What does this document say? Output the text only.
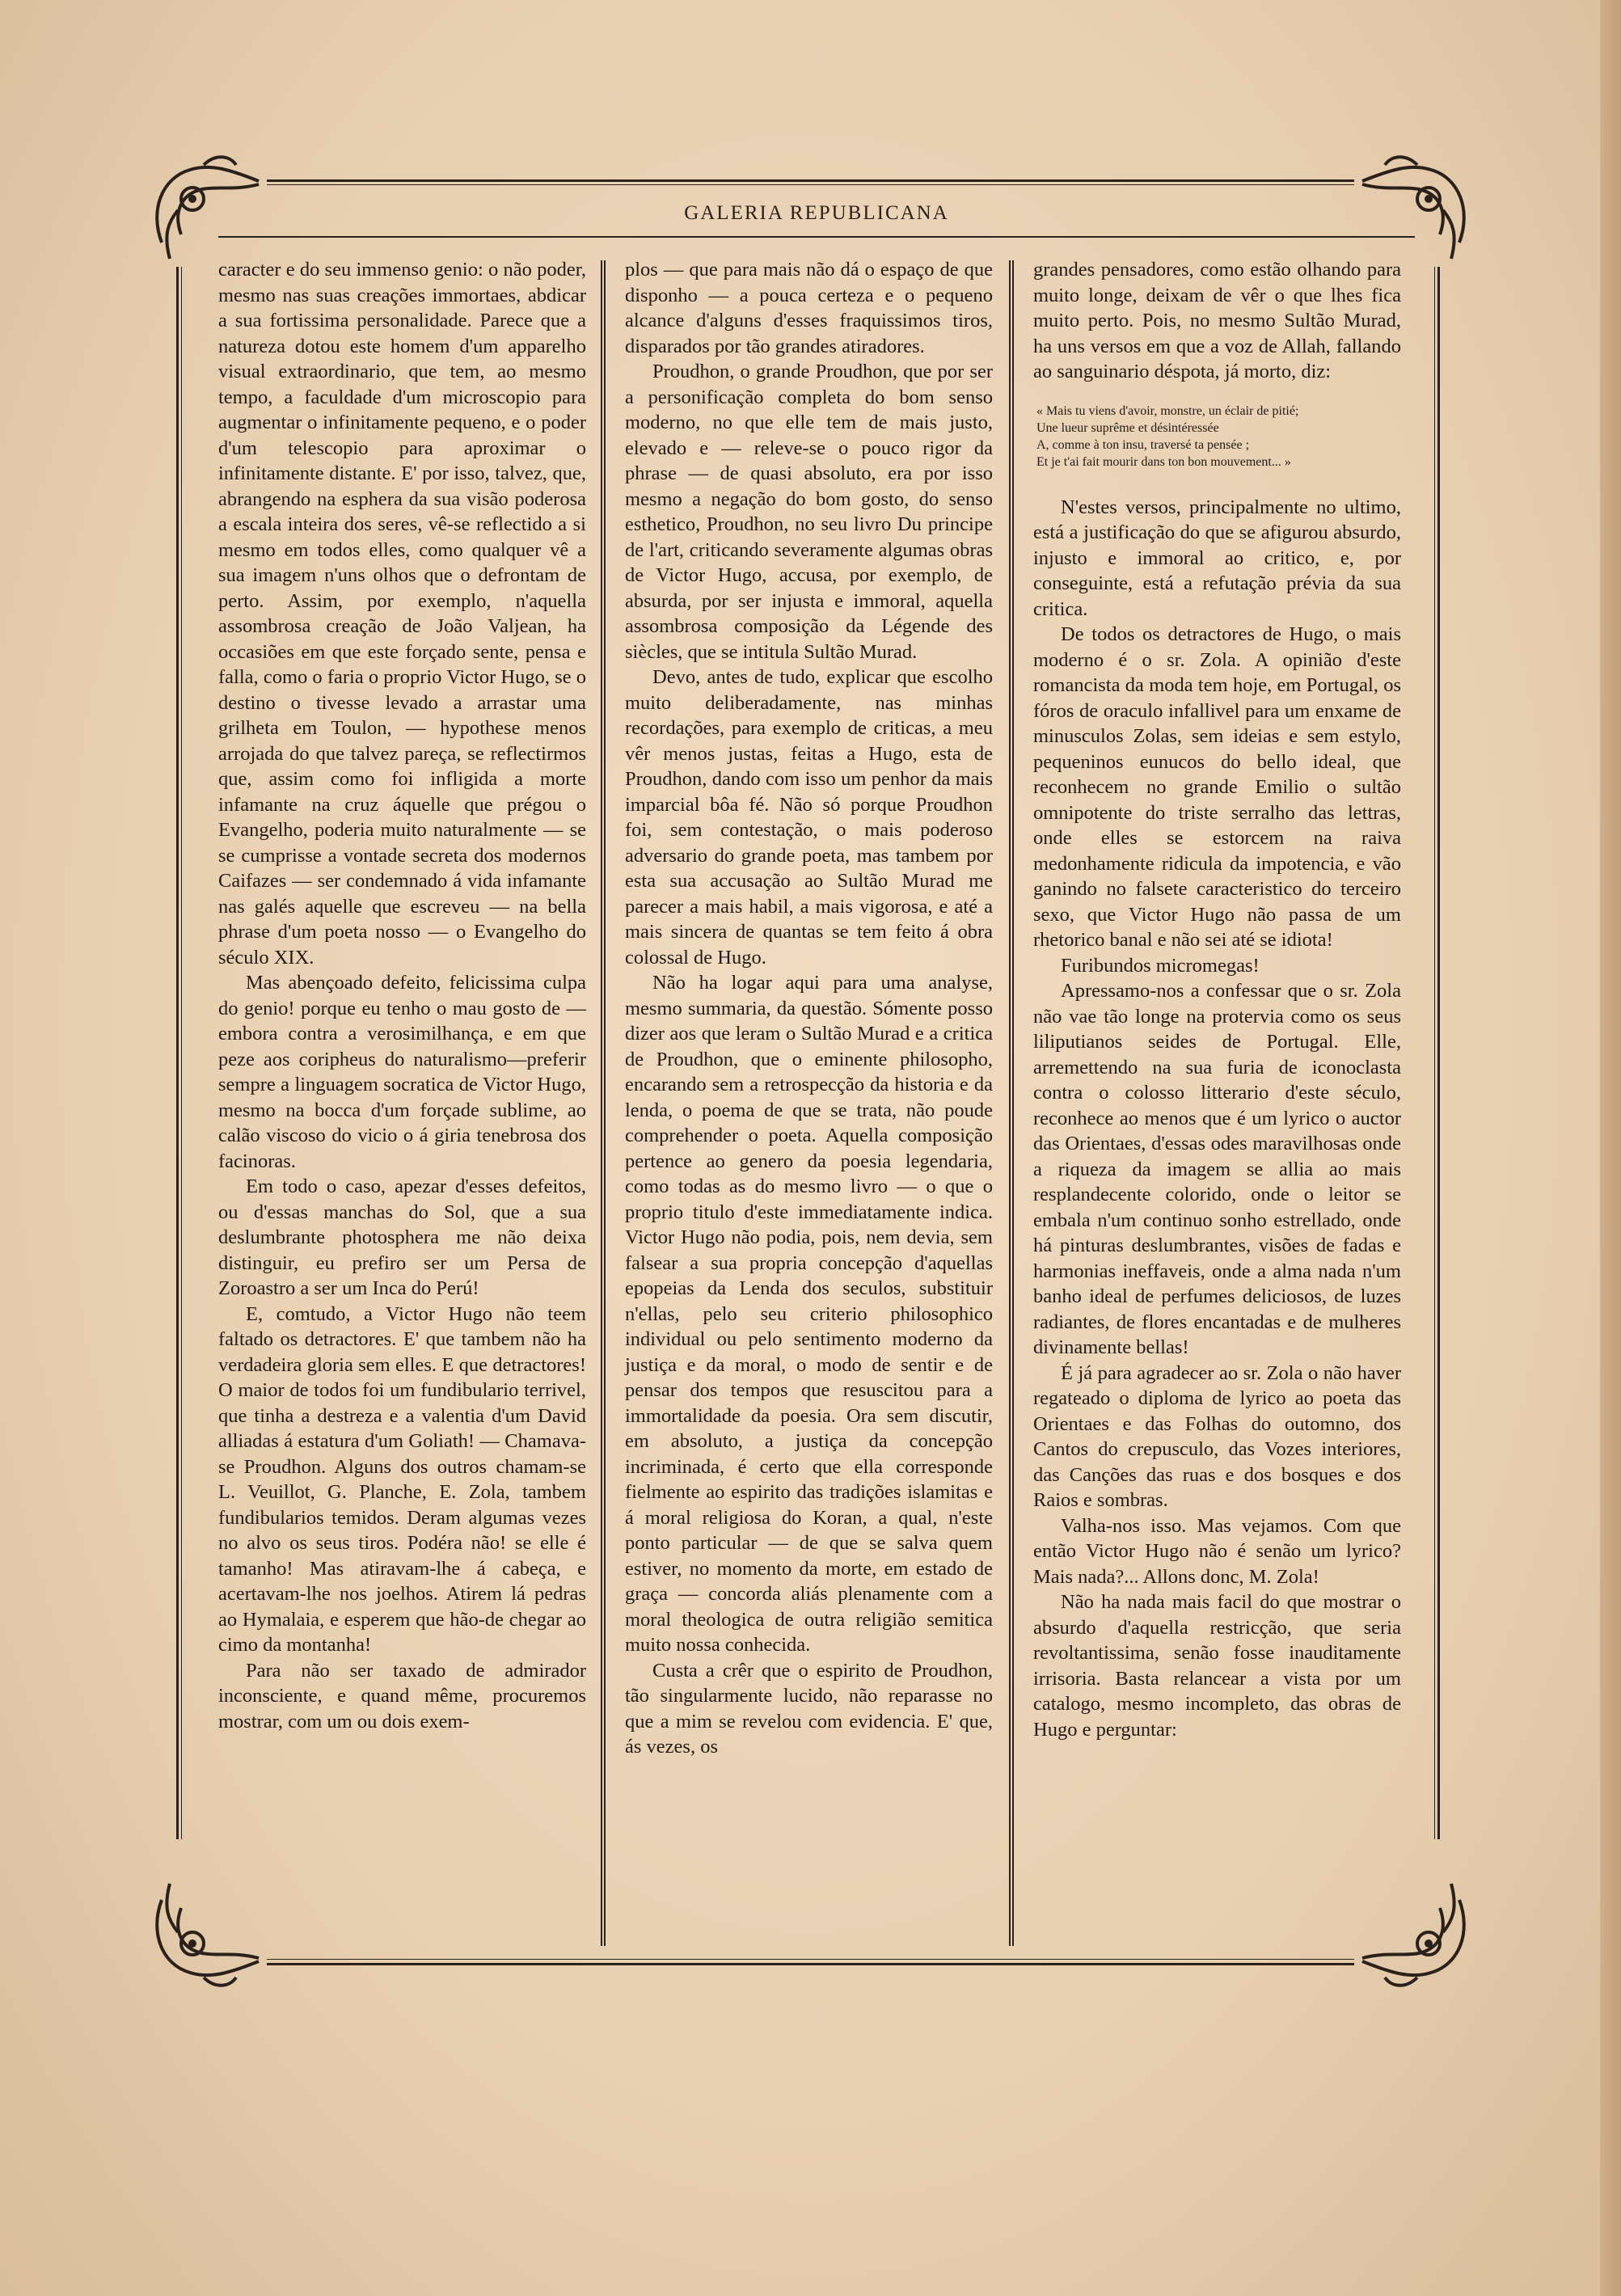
GALERIA REPUBLICANA

caracter e do seu immenso genio: o não poder, mesmo nas suas creações immortaes, abdicar a sua fortissima personalidade. Parece que a natureza dotou este homem d'um apparelho visual extraordinario, que tem, ao mesmo tempo, a faculdade d'um microscopio para augmentar o infinitamente pequeno, e o poder d'um telescopio para aproximar o infinitamente distante. E' por isso, talvez, que, abrangendo na esphera da sua visão poderosa a escala inteira dos seres, vê-se reflectido a si mesmo em todos elles, como qualquer vê a sua imagem n'uns olhos que o defrontam de perto. Assim, por exemplo, n'aquella assombrosa creação de João Valjean, ha occasiões em que este forçado sente, pensa e falla, como o faria o proprio Victor Hugo, se o destino o tivesse levado a arrastar uma grilheta em Toulon, — hypothese menos arrojada do que talvez pareça, se reflectirmos que, assim como foi infligida a morte infamante na cruz áquelle que prégou o Evangelho, poderia muito naturalmente — se se cumprisse a vontade secreta dos modernos Caifazes — ser condemnado á vida infamante nas galés aquelle que escreveu — na bella phrase d'um poeta nosso — o Evangelho do século XIX.

Mas abençoado defeito, felicissima culpa do genio! porque eu tenho o mau gosto de — embora contra a verosimilhança, e em que peze aos coripheus do naturalismo—preferir sempre a linguagem socratica de Victor Hugo, mesmo na bocca d'um forçade sublime, ao calão viscoso do vicio o á giria tenebrosa dos facinoras.

Em todo o caso, apezar d'esses defeitos, ou d'essas manchas do Sol, que a sua deslumbrante photosphera me não deixa distinguir, eu prefiro ser um Persa de Zoroastro a ser um Inca do Perú!

E, comtudo, a Victor Hugo não teem faltado os detractores. E' que tambem não ha verdadeira gloria sem elles. E que detractores! O maior de todos foi um fundibulario terrivel, que tinha a destreza e a valentia d'um David alliadas á estatura d'um Goliath! — Chamava-se Proudhon. Alguns dos outros chamam-se L. Veuillot, G. Planche, E. Zola, tambem fundibularios temidos. Deram algumas vezes no alvo os seus tiros. Podéra não! se elle é tamanho! Mas atiravam-lhe á cabeça, e acertavam-lhe nos joelhos. Atirem lá pedras ao Hymalaia, e esperem que hão-de chegar ao cimo da montanha!

Para não ser taxado de admirador inconsciente, e quand même, procuremos mostrar, com um ou dois exem-

plos — que para mais não dá o espaço de que disponho — a pouca certeza e o pequeno alcance d'alguns d'esses fraquissimos tiros, disparados por tão grandes atiradores.

Proudhon, o grande Proudhon, que por ser a personificação completa do bom senso moderno, no que elle tem de mais justo, elevado e — releve-se o pouco rigor da phrase — de quasi absoluto, era por isso mesmo a negação do bom gosto, do senso esthetico, Proudhon, no seu livro Du principe de l'art, criticando severamente algumas obras de Victor Hugo, accusa, por exemplo, de absurda, por ser injusta e immoral, aquella assombrosa composição da Légende des siècles, que se intitula Sultão Murad.

Devo, antes de tudo, explicar que escolho muito deliberadamente, nas minhas recordações, para exemplo de criticas, a meu vêr menos justas, feitas a Hugo, esta de Proudhon, dando com isso um penhor da mais imparcial bôa fé. Não só porque Proudhon foi, sem contestação, o mais poderoso adversario do grande poeta, mas tambem por esta sua accusação ao Sultão Murad me parecer a mais habil, a mais vigorosa, e até a mais sincera de quantas se tem feito á obra colossal de Hugo.

Não ha logar aqui para uma analyse, mesmo summaria, da questão. Sómente posso dizer aos que leram o Sultão Murad e a critica de Proudhon, que o eminente philosopho, encarando sem a retrospecção da historia e da lenda, o poema de que se trata, não poude comprehender o poeta. Aquella composição pertence ao genero da poesia legendaria, como todas as do mesmo livro — o que o proprio titulo d'este immediatamente indica. Victor Hugo não podia, pois, nem devia, sem falsear a sua propria concepção d'aquellas epopeias da Lenda dos seculos, substituir n'ellas, pelo seu criterio philosophico individual ou pelo sentimento moderno da justiça e da moral, o modo de sentir e de pensar dos tempos que resuscitou para a immortalidade da poesia. Ora sem discutir, em absoluto, a justiça da concepção incriminada, é certo que ella corresponde fielmente ao espirito das tradições islamitas e á moral religiosa do Koran, a qual, n'este ponto particular — de que se salva quem estiver, no momento da morte, em estado de graça — concorda aliás plenamente com a moral theologica de outra religião semitica muito nossa conhecida.

Custa a crêr que o espirito de Proudhon, tão singularmente lucido, não reparasse no que a mim se revelou com evidencia. E' que, ás vezes, os

grandes pensadores, como estão olhando para muito longe, deixam de vêr o que lhes fica muito perto. Pois, no mesmo Sultão Murad, ha uns versos em que a voz de Allah, fallando ao sanguinario déspota, já morto, diz:

« Mais tu viens d'avoir, monstre, un éclair de pitié;
Une lueur suprême et désintéressée
A, comme à ton insu, traversé ta pensée ;
Et je t'ai fait mourir dans ton bon mouvement... »

N'estes versos, principalmente no ultimo, está a justificação do que se afigurou absurdo, injusto e immoral ao critico, e, por conseguinte, está a refutação prévia da sua critica.

De todos os detractores de Hugo, o mais moderno é o sr. Zola. A opinião d'este romancista da moda tem hoje, em Portugal, os fóros de oraculo infallivel para um enxame de minusculos Zolas, sem ideias e sem estylo, pequeninos eunucos do bello ideal, que reconhecem no grande Emilio o sultão omnipotente do triste serralho das lettras, onde elles se estorcem na raiva medonhamente ridicula da impotencia, e vão ganindo no falsete caracteristico do terceiro sexo, que Victor Hugo não passa de um rhetorico banal e não sei até se idiota!

Furibundos micromegas!

Apressamo-nos a confessar que o sr. Zola não vae tão longe na protervia como os seus liliputianos seides de Portugal. Elle, arremettendo na sua furia de iconoclasta contra o colosso litterario d'este século, reconhece ao menos que é um lyrico o auctor das Orientaes, d'essas odes maravilhosas onde a riqueza da imagem se allia ao mais resplandecente colorido, onde o leitor se embala n'um continuo sonho estrellado, onde há pinturas deslumbrantes, visões de fadas e harmonias ineffaveis, onde a alma nada n'um banho ideal de perfumes deliciosos, de luzes radiantes, de flores encantadas e de mulheres divinamente bellas!

É já para agradecer ao sr. Zola o não haver regateado o diploma de lyrico ao poeta das Orientaes e das Folhas do outomno, dos Cantos do crepusculo, das Vozes interiores, das Canções das ruas e dos bosques e dos Raios e sombras.

Valha-nos isso. Mas vejamos. Com que então Victor Hugo não é senão um lyrico? Mais nada?... Allons donc, M. Zola!

Não ha nada mais facil do que mostrar o absurdo d'aquella restricção, que seria revoltantissima, senão fosse inauditamente irrisoria. Basta relancear a vista por um catalogo, mesmo incompleto, das obras de Hugo e perguntar:
